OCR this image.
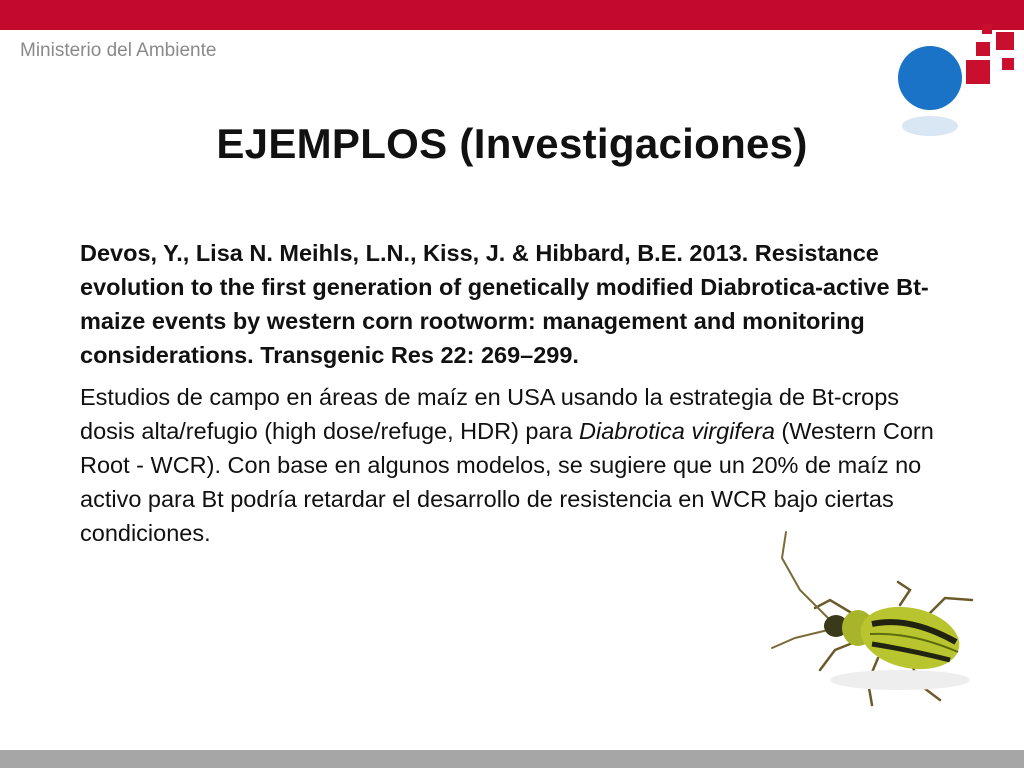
Ministerio del Ambiente
EJEMPLOS (Investigaciones)

Devos, Y., Lisa N. Meihls, L.N., Kiss, J. & Hibbard, B.E. 2013. Resistance evolution to the first generation of genetically modified Diabrotica-active Bt-maize events by western corn rootworm: management and monitoring considerations. Transgenic Res 22: 269–299.

Estudios de campo en áreas de maíz en USA usando la estrategia de Bt-crops dosis alta/refugio (high dose/refuge, HDR) para Diabrotica virgifera (Western Corn Root - WCR). Con base en algunos modelos, se sugiere que un 20% de maíz no activo para Bt podría retardar el desarrollo de resistencia en WCR bajo ciertas condiciones.
